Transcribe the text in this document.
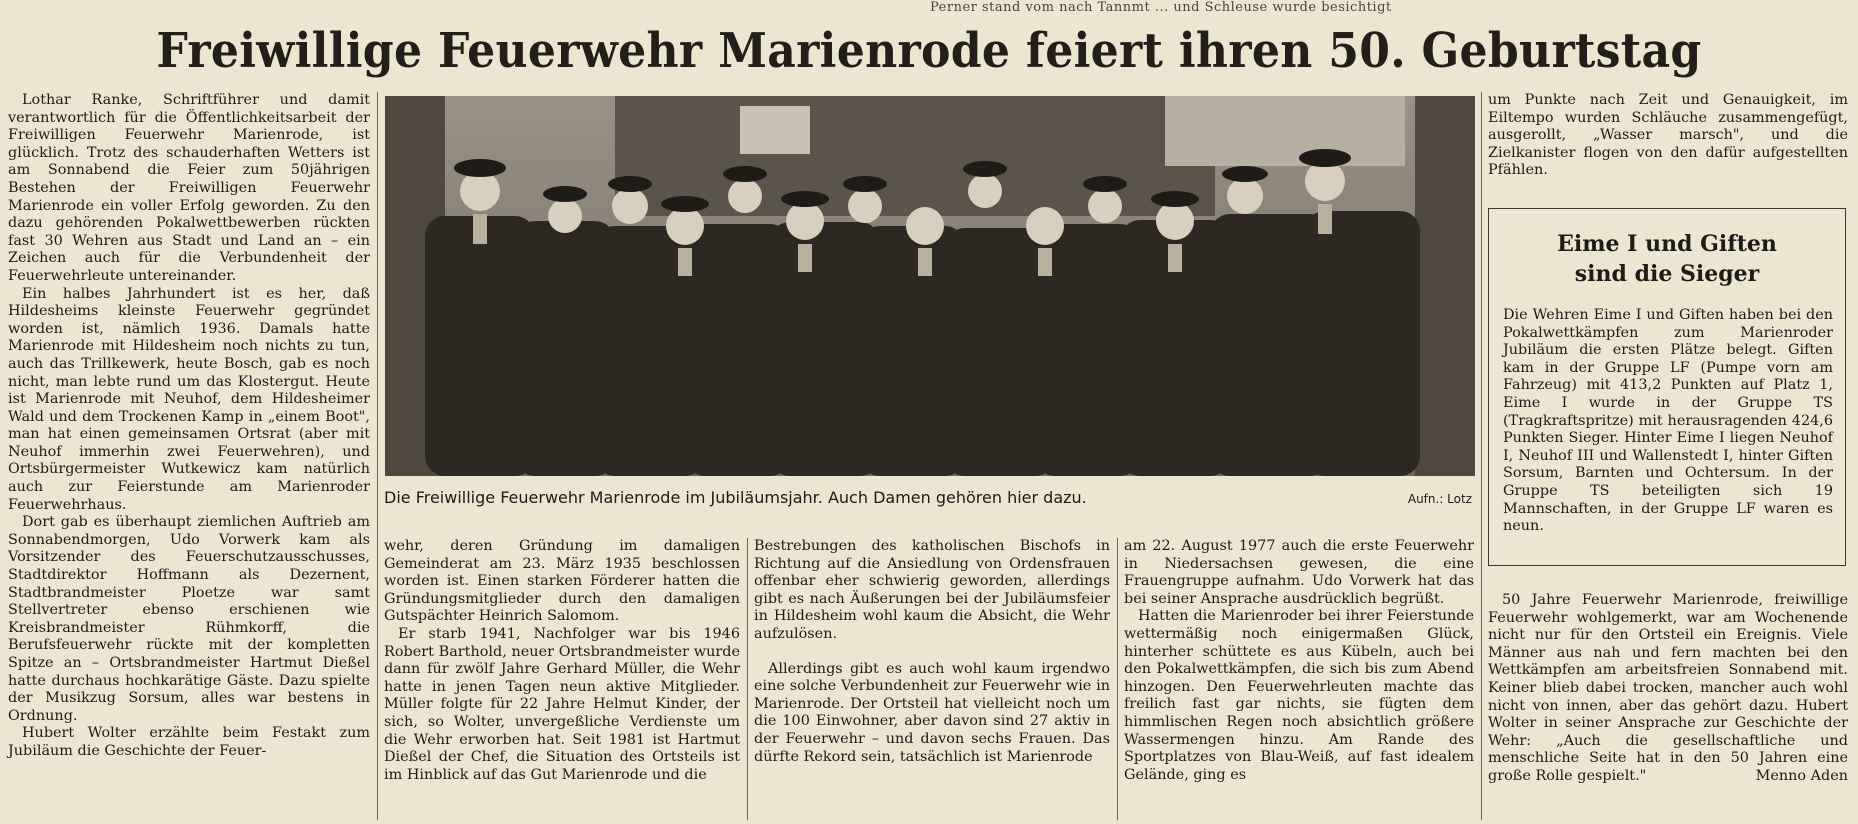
Perner stand vom nach Tannmt ... und Schleuse wurde besichtigt
Freiwillige Feuerwehr Marienrode feiert ihren 50. Geburtstag

Lothar Ranke, Schriftführer und damit verantwortlich für die Öffentlichkeitsarbeit der Freiwilligen Feuerwehr Marienrode, ist glücklich. Trotz des schauderhaften Wetters ist am Sonnabend die Feier zum 50jährigen Bestehen der Freiwilligen Feuerwehr Marienrode ein voller Erfolg geworden. Zu den dazu gehörenden Pokalwettbewerben rückten fast 30 Wehren aus Stadt und Land an – ein Zeichen auch für die Verbundenheit der Feuerwehrleute untereinander.

Ein halbes Jahrhundert ist es her, daß Hildesheims kleinste Feuerwehr gegründet worden ist, nämlich 1936. Damals hatte Marienrode mit Hildesheim noch nichts zu tun, auch das Trillkewerk, heute Bosch, gab es noch nicht, man lebte rund um das Klostergut. Heute ist Marienrode mit Neuhof, dem Hildesheimer Wald und dem Trockenen Kamp in „einem Boot", man hat einen gemeinsamen Ortsrat (aber mit Neuhof immerhin zwei Feuerwehren), und Ortsbürgermeister Wutkewicz kam natürlich auch zur Feierstunde am Marienroder Feuerwehrhaus.

Dort gab es überhaupt ziemlichen Auftrieb am Sonnabendmorgen, Udo Vorwerk kam als Vorsitzender des Feuerschutzausschusses, Stadtdirektor Hoffmann als Dezernent, Stadtbrandmeister Ploetze war samt Stellvertreter ebenso erschienen wie Kreisbrandmeister Rühmkorff, die Berufsfeuerwehr rückte mit der kompletten Spitze an – Ortsbrandmeister Hartmut Dießel hatte durchaus hochkarätige Gäste. Dazu spielte der Musikzug Sorsum, alles war bestens in Ordnung.

Hubert Wolter erzählte beim Festakt zum Jubiläum die Geschichte der Feuer-

Die Freiwillige Feuerwehr Marienrode im Jubiläumsjahr. Auch Damen gehören hier dazu.	Aufn.: Lotz

wehr, deren Gründung im damaligen Gemeinderat am 23. März 1935 beschlossen worden ist. Einen starken Förderer hatten die Gründungsmitglieder durch den damaligen Gutspächter Heinrich Salomom.

Er starb 1941, Nachfolger war bis 1946 Robert Barthold, neuer Ortsbrandmeister wurde dann für zwölf Jahre Gerhard Müller, die Wehr hatte in jenen Tagen neun aktive Mitglieder. Müller folgte für 22 Jahre Helmut Kinder, der sich, so Wolter, unvergeßliche Verdienste um die Wehr erworben hat. Seit 1981 ist Hartmut Dießel der Chef, die Situation des Ortsteils ist im Hinblick auf das Gut Marienrode und die

Bestrebungen des katholischen Bischofs in Richtung auf die Ansiedlung von Ordensfrauen offenbar eher schwierig geworden, allerdings gibt es nach Äußerungen bei der Jubiläumsfeier in Hildesheim wohl kaum die Absicht, die Wehr aufzulösen.

Allerdings gibt es auch wohl kaum irgendwo eine solche Verbundenheit zur Feuerwehr wie in Marienrode. Der Ortsteil hat vielleicht noch um die 100 Einwohner, aber davon sind 27 aktiv in der Feuerwehr – und davon sechs Frauen. Das dürfte Rekord sein, tatsächlich ist Marienrode

am 22. August 1977 auch die erste Feuerwehr in Niedersachsen gewesen, die eine Frauengruppe aufnahm. Udo Vorwerk hat das bei seiner Ansprache ausdrücklich begrüßt.

Hatten die Marienroder bei ihrer Feierstunde wettermäßig noch einigermaßen Glück, hinterher schüttete es aus Kübeln, auch bei den Pokalwettkämpfen, die sich bis zum Abend hinzogen. Den Feuerwehrleuten machte das freilich fast gar nichts, sie fügten dem himmlischen Regen noch absichtlich größere Wassermengen hinzu. Am Rande des Sportplatzes von Blau-Weiß, auf fast idealem Gelände, ging es

um Punkte nach Zeit und Genauigkeit, im Eiltempo wurden Schläuche zusammengefügt, ausgerollt, „Wasser marsch", und die Zielkanister flogen von den dafür aufgestellten Pfählen.

Eime I und Giften
sind die Sieger

Die Wehren Eime I und Giften haben bei den Pokalwettkämpfen zum Marienroder Jubiläum die ersten Plätze belegt. Giften kam in der Gruppe LF (Pumpe vorn am Fahrzeug) mit 413,2 Punkten auf Platz 1, Eime I wurde in der Gruppe TS (Tragkraftspritze) mit herausragenden 424,6 Punkten Sieger. Hinter Eime I liegen Neuhof I, Neuhof III und Wallenstedt I, hinter Giften Sorsum, Barnten und Ochtersum. In der Gruppe TS beteiligten sich 19 Mannschaften, in der Gruppe LF waren es neun.

50 Jahre Feuerwehr Marienrode, freiwillige Feuerwehr wohlgemerkt, war am Wochenende nicht nur für den Ortsteil ein Ereignis. Viele Männer aus nah und fern machten bei den Wettkämpfen am arbeitsfreien Sonnabend mit. Keiner blieb dabei trocken, mancher auch wohl nicht von innen, aber das gehört dazu. Hubert Wolter in seiner Ansprache zur Geschichte der Wehr: „Auch die gesellschaftliche und menschliche Seite hat in den 50 Jahren eine große Rolle gespielt."	Menno Aden
